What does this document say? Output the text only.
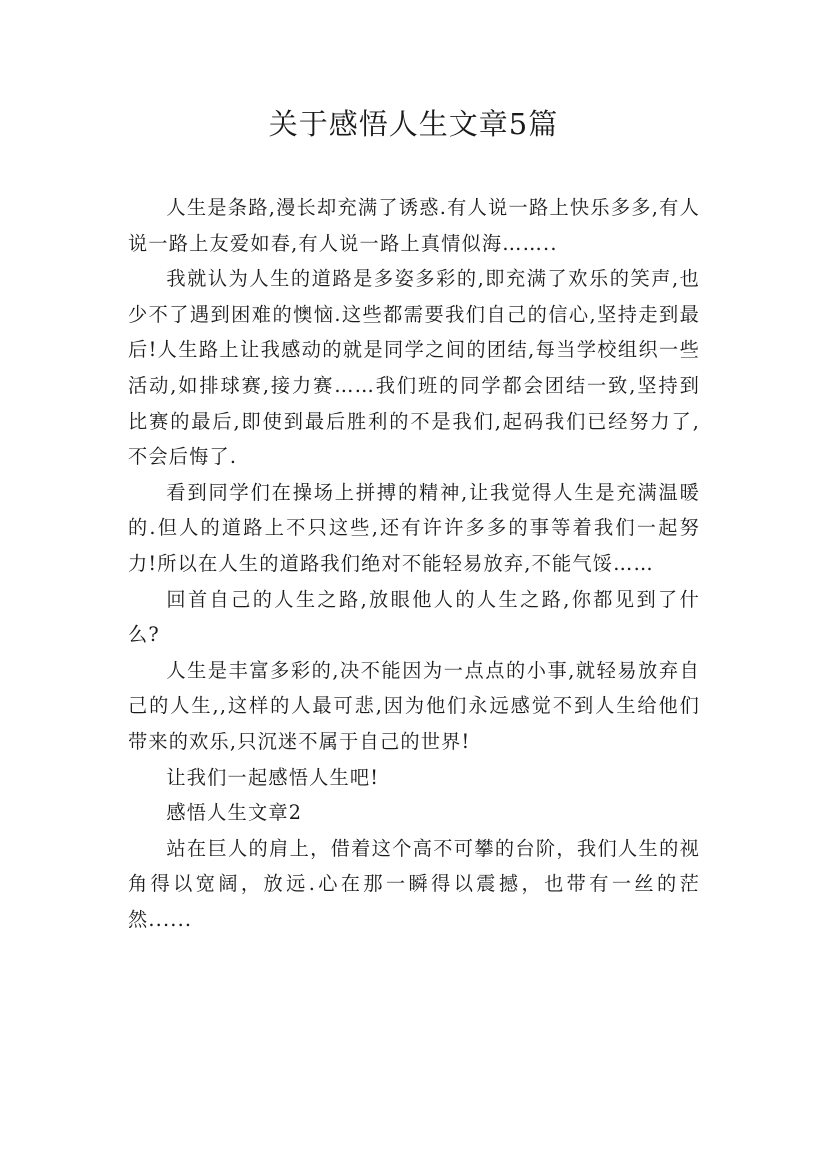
关于感悟人生文章5篇

人生是条路,漫长却充满了诱惑.有人说一路上快乐多多,有人说一路上友爱如春,有人说一路上真情似海……..

我就认为人生的道路是多姿多彩的,即充满了欢乐的笑声,也少不了遇到困难的懊恼.这些都需要我们自己的信心,坚持走到最后!人生路上让我感动的就是同学之间的团结,每当学校组织一些活动,如排球赛,接力赛……我们班的同学都会团结一致,坚持到比赛的最后,即使到最后胜利的不是我们,起码我们已经努力了,不会后悔了.

看到同学们在操场上拼搏的精神,让我觉得人生是充满温暖的.但人的道路上不只这些,还有许许多多的事等着我们一起努力!所以在人生的道路我们绝对不能轻易放弃,不能气馁……

回首自己的人生之路,放眼他人的人生之路,你都见到了什么?

人生是丰富多彩的,决不能因为一点点的小事,就轻易放弃自己的人生,,这样的人最可悲,因为他们永远感觉不到人生给他们带来的欢乐,只沉迷不属于自己的世界!

让我们一起感悟人生吧!

感悟人生文章2

站在巨人的肩上，借着这个高不可攀的台阶，我们人生的视角得以宽阔，放远.心在那一瞬得以震撼，也带有一丝的茫然......
